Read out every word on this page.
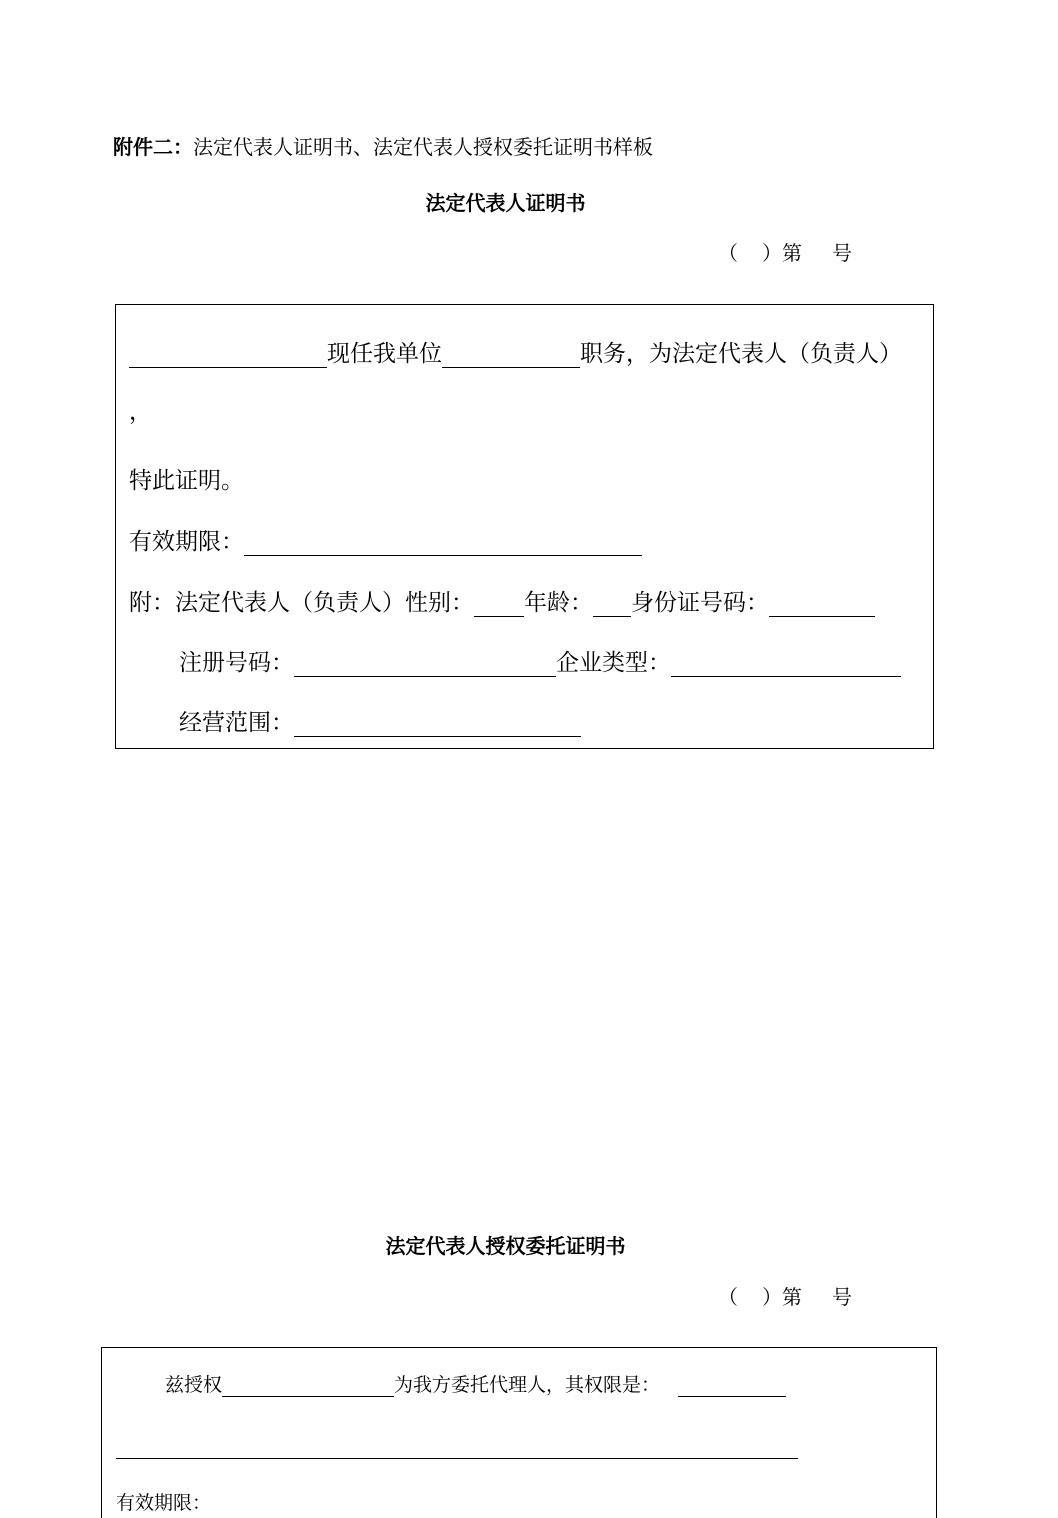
附件二：法定代表人证明书、法定代表人授权委托证明书样板
法定代表人证明书
（ ）第 号
现任我单位	职务，为法定代表人（负责人）
，
特此证明。
有效期限：
附：法定代表人（负责人）性别： 年龄： 身份证号码：
注册号码：	企业类型：
经营范围：
法定代表人授权委托证明书
（ ）第 号
兹授权	为我方委托代理人，其权限是：
有效期限：
